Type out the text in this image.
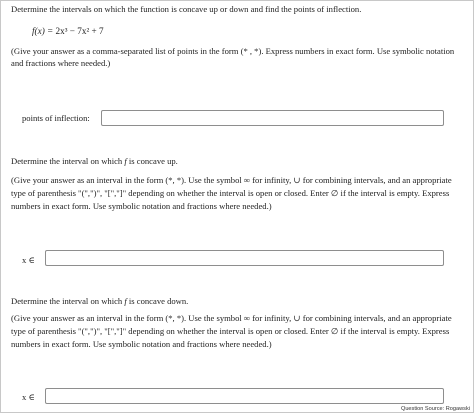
Determine the intervals on which the function is concave up or down and find the points of inflection.
f(x) = 2x³ − 7x² + 7
(Give your answer as a comma-separated list of points in the form (* , *). Express numbers in exact form. Use symbolic notation and fractions where needed.)
points of inflection:
Determine the interval on which f is concave up.
(Give your answer as an interval in the form (*, *). Use the symbol ∞ for infinity, ∪ for combining intervals, and an appropriate type of parenthesis "(",")", "[","]" depending on whether the interval is open or closed. Enter ∅ if the interval is empty. Express numbers in exact form. Use symbolic notation and fractions where needed.)
x ∈
Determine the interval on which f is concave down.
(Give your answer as an interval in the form (*, *). Use the symbol ∞ for infinity, ∪ for combining intervals, and an appropriate type of parenthesis "(",")", "[","]" depending on whether the interval is open or closed. Enter ∅ if the interval is empty. Express numbers in exact form. Use symbolic notation and fractions where needed.)
x ∈
Question Source: Rogawski
